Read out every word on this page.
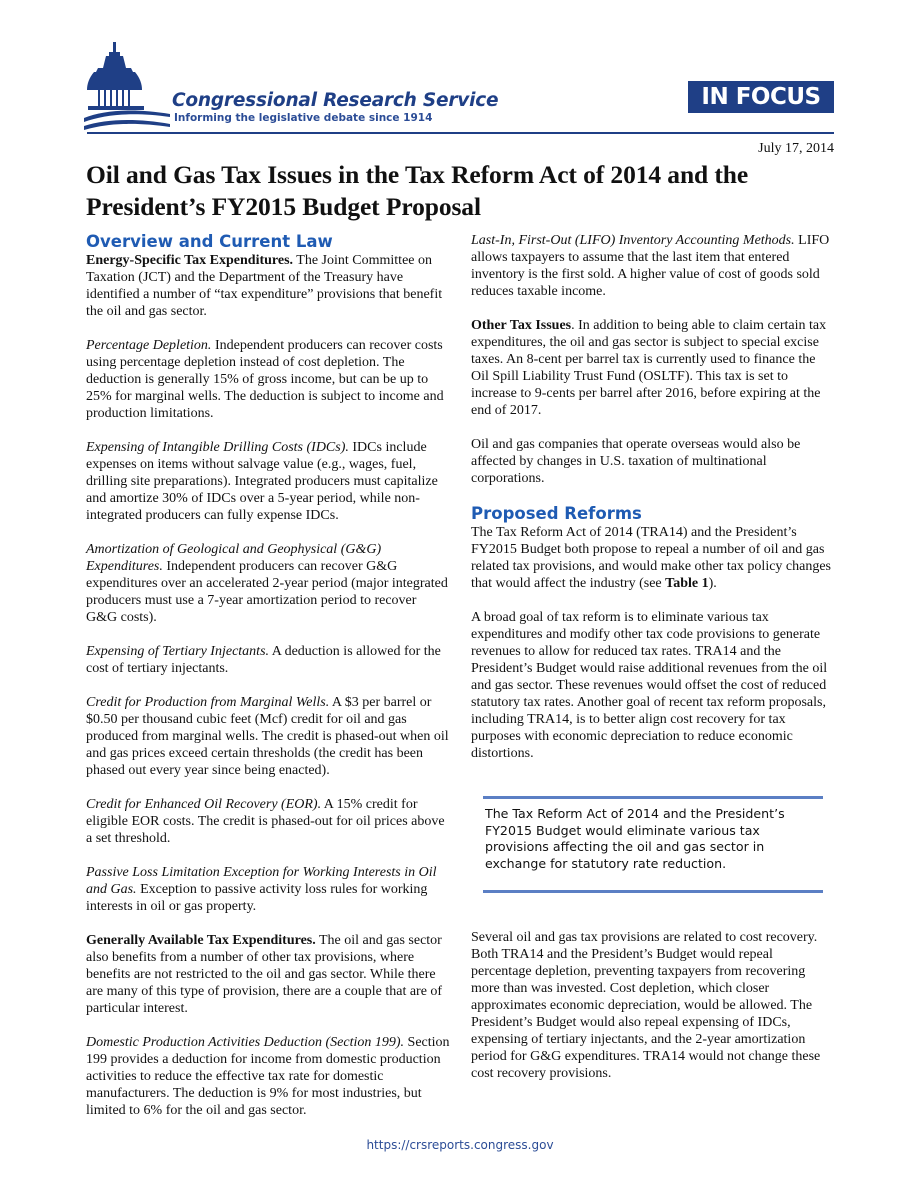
Congressional Research Service
Informing the legislative debate since 1914
IN FOCUS
July 17, 2014
Oil and Gas Tax Issues in the Tax Reform Act of 2014 and the President’s FY2015 Budget Proposal
Overview and Current Law

Energy-Specific Tax Expenditures. The Joint Committee on Taxation (JCT) and the Department of the Treasury have identified a number of “tax expenditure” provisions that benefit the oil and gas sector.

Percentage Depletion. Independent producers can recover costs using percentage depletion instead of cost depletion. The deduction is generally 15% of gross income, but can be up to 25% for marginal wells. The deduction is subject to income and production limitations.

Expensing of Intangible Drilling Costs (IDCs). IDCs include expenses on items without salvage value (e.g., wages, fuel, drilling site preparations). Integrated producers must capitalize and amortize 30% of IDCs over a 5-year period, while non-integrated producers can fully expense IDCs.

Amortization of Geological and Geophysical (G&G) Expenditures. Independent producers can recover G&G expenditures over an accelerated 2-year period (major integrated producers must use a 7-year amortization period to recover G&G costs).

Expensing of Tertiary Injectants. A deduction is allowed for the cost of tertiary injectants.

Credit for Production from Marginal Wells. A $3 per barrel or $0.50 per thousand cubic feet (Mcf) credit for oil and gas produced from marginal wells. The credit is phased-out when oil and gas prices exceed certain thresholds (the credit has been phased out every year since being enacted).

Credit for Enhanced Oil Recovery (EOR). A 15% credit for eligible EOR costs. The credit is phased-out for oil prices above a set threshold.

Passive Loss Limitation Exception for Working Interests in Oil and Gas. Exception to passive activity loss rules for working interests in oil or gas property.

Generally Available Tax Expenditures. The oil and gas sector also benefits from a number of other tax provisions, where benefits are not restricted to the oil and gas sector. While there are many of this type of provision, there are a couple that are of particular interest.

Domestic Production Activities Deduction (Section 199). Section 199 provides a deduction for income from domestic production activities to reduce the effective tax rate for domestic manufacturers. The deduction is 9% for most industries, but limited to 6% for the oil and gas sector.

Last-In, First-Out (LIFO) Inventory Accounting Methods. LIFO allows taxpayers to assume that the last item that entered inventory is the first sold. A higher value of cost of goods sold reduces taxable income.

Other Tax Issues. In addition to being able to claim certain tax expenditures, the oil and gas sector is subject to special excise taxes. An 8-cent per barrel tax is currently used to finance the Oil Spill Liability Trust Fund (OSLTF). This tax is set to increase to 9-cents per barrel after 2016, before expiring at the end of 2017.

Oil and gas companies that operate overseas would also be affected by changes in U.S. taxation of multinational corporations.

Proposed Reforms

The Tax Reform Act of 2014 (TRA14) and the President’s FY2015 Budget both propose to repeal a number of oil and gas related tax provisions, and would make other tax policy changes that would affect the industry (see Table 1).

A broad goal of tax reform is to eliminate various tax expenditures and modify other tax code provisions to generate revenues to allow for reduced tax rates. TRA14 and the President’s Budget would raise additional revenues from the oil and gas sector. These revenues would offset the cost of reduced statutory tax rates. Another goal of recent tax reform proposals, including TRA14, is to better align cost recovery for tax purposes with economic depreciation to reduce economic distortions.

The Tax Reform Act of 2014 and the President’s FY2015 Budget would eliminate various tax provisions affecting the oil and gas sector in exchange for statutory rate reduction.

Several oil and gas tax provisions are related to cost recovery. Both TRA14 and the President’s Budget would repeal percentage depletion, preventing taxpayers from recovering more than was invested. Cost depletion, which closer approximates economic depreciation, would be allowed. The President’s Budget would also repeal expensing of IDCs, expensing of tertiary injectants, and the 2-year amortization period for G&G expenditures. TRA14 would not change these cost recovery provisions.

https://crsreports.congress.gov
